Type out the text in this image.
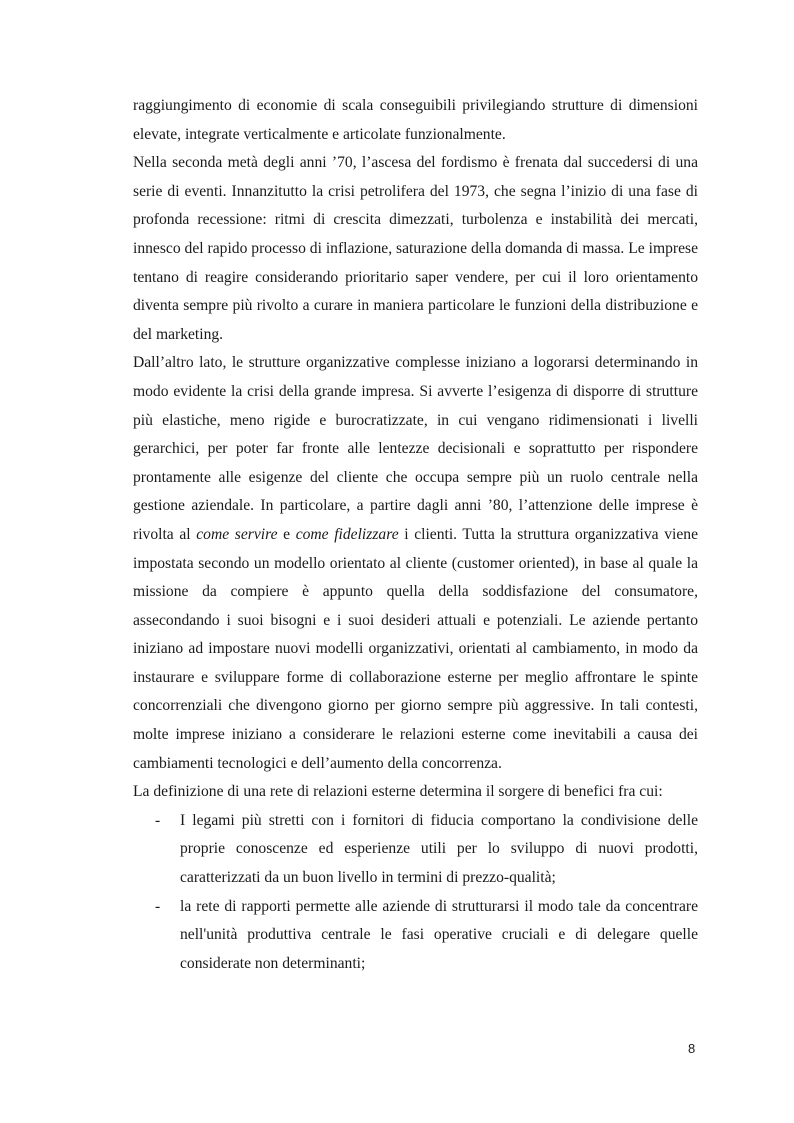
raggiungimento di economie di scala conseguibili privilegiando strutture di dimensioni elevate, integrate verticalmente e articolate funzionalmente.

Nella seconda metà degli anni ’70, l’ascesa del fordismo è frenata dal succedersi di una serie di eventi. Innanzitutto la crisi petrolifera del 1973, che segna l’inizio di una fase di profonda recessione: ritmi di crescita dimezzati, turbolenza e instabilità dei mercati, innesco del rapido processo di inflazione, saturazione della domanda di massa. Le imprese tentano di reagire considerando prioritario saper vendere, per cui il loro orientamento diventa sempre più rivolto a curare in maniera particolare le funzioni della distribuzione e del marketing.

Dall’altro lato, le strutture organizzative complesse iniziano a logorarsi determinando in modo evidente la crisi della grande impresa. Si avverte l’esigenza di disporre di strutture più elastiche, meno rigide e burocratizzate, in cui vengano ridimensionati i livelli gerarchici, per poter far fronte alle lentezze decisionali e soprattutto per rispondere prontamente alle esigenze del cliente che occupa sempre più un ruolo centrale nella gestione aziendale. In particolare, a partire dagli anni ’80, l’attenzione delle imprese è rivolta al come servire e come fidelizzare i clienti. Tutta la struttura organizzativa viene impostata secondo un modello orientato al cliente (customer oriented), in base al quale la missione da compiere è appunto quella della soddisfazione del consumatore, assecondando i suoi bisogni e i suoi desideri attuali e potenziali. Le aziende pertanto iniziano ad impostare nuovi modelli organizzativi, orientati al cambiamento, in modo da instaurare e sviluppare forme di collaborazione esterne per meglio affrontare le spinte concorrenziali che divengono giorno per giorno sempre più aggressive. In tali contesti, molte imprese iniziano a considerare le relazioni esterne come inevitabili a causa dei cambiamenti tecnologici e dell’aumento della concorrenza.

La definizione di una rete di relazioni esterne determina il sorgere di benefici fra cui:

- I legami più stretti con i fornitori di fiducia comportano la condivisione delle proprie conoscenze ed esperienze utili per lo sviluppo di nuovi prodotti, caratterizzati da un buon livello in termini di prezzo-qualità;
- la rete di rapporti permette alle aziende di strutturarsi il modo tale da concentrare nell'unità produttiva centrale le fasi operative cruciali e di delegare quelle considerate non determinanti;
8
